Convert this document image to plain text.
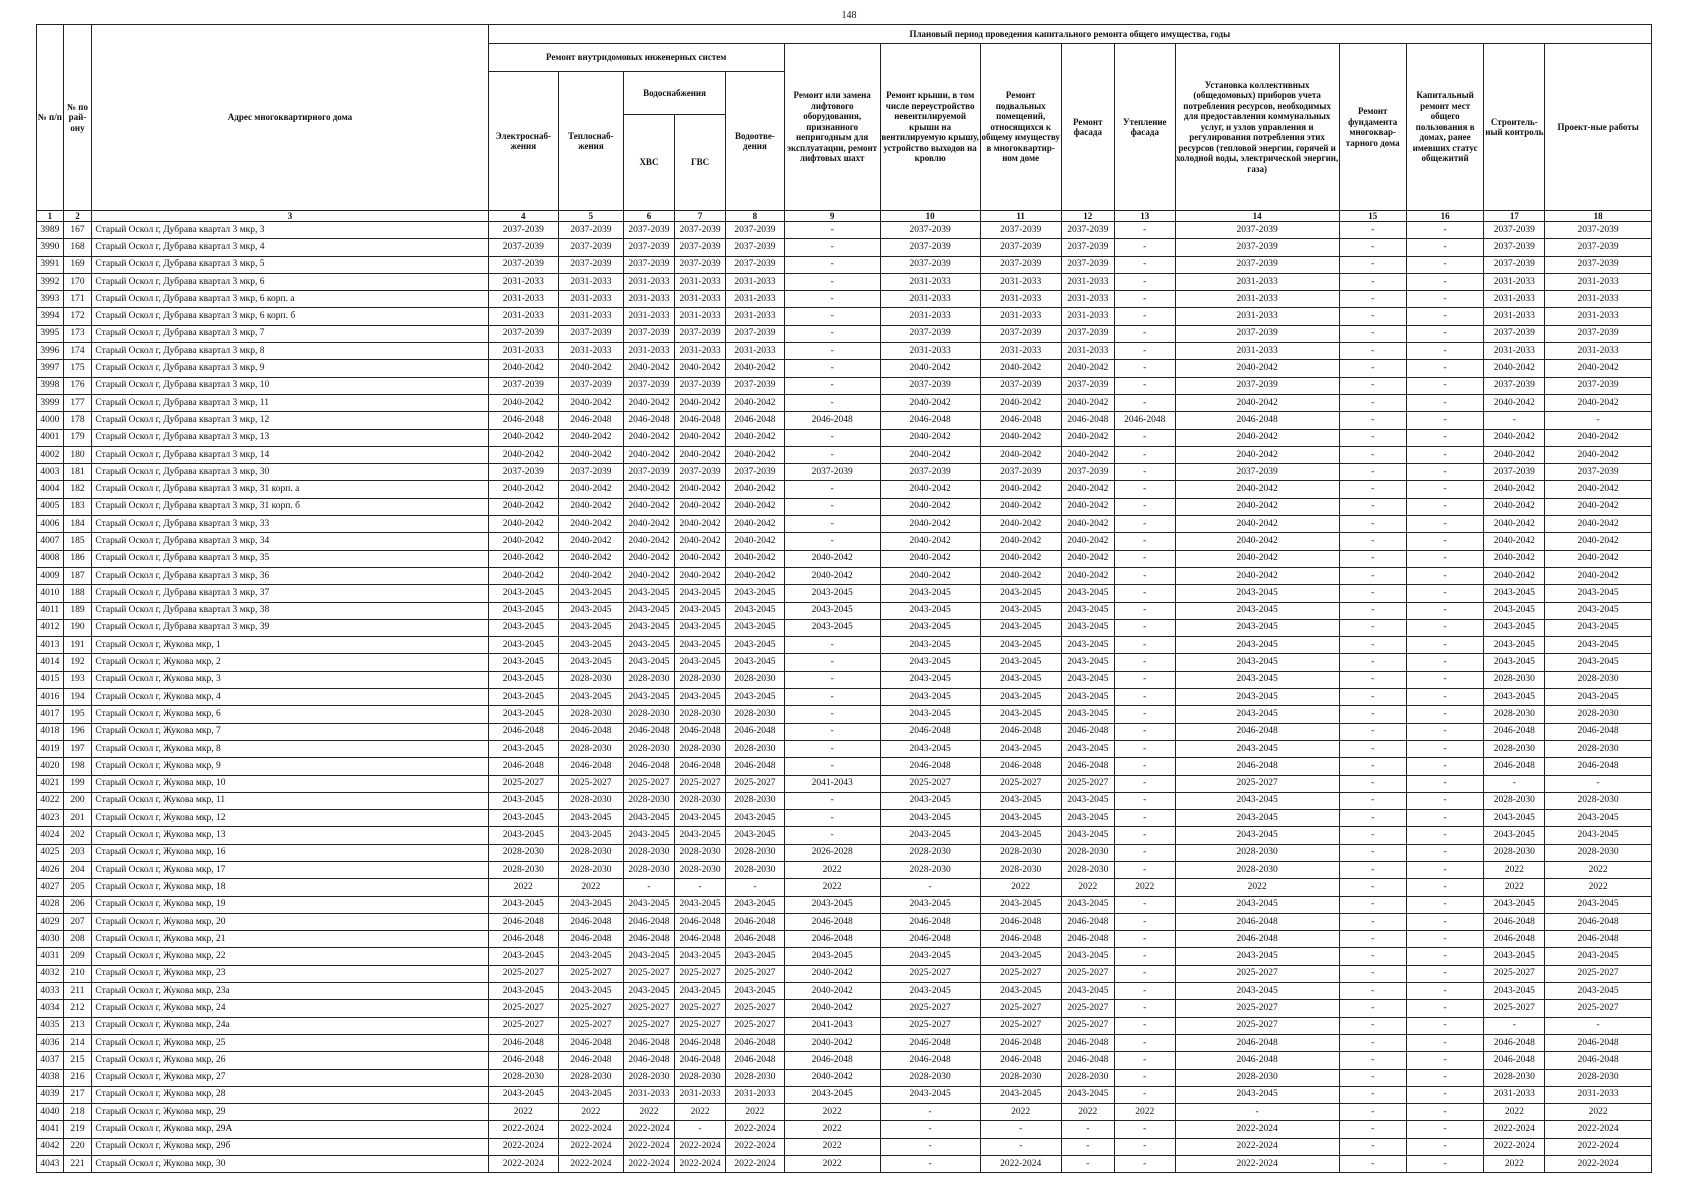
148
№ п/п	№ по рай-ону	Адрес многоквартирного дома	Плановый период проведения капитального ремонта общего имущества, годы														
			Ремонт внутридомовых инженерных систем					Ремонт или замена лифтового оборудования, признанного непригодным для эксплуатации, ремонт лифтовых шахт	Ремонт крыши, в том числе переустройство невентилируемой крыши на вентилируемую крышу, устройство выходов на кровлю	Ремонт подвальных помещений, относящихся к общему имуществу в многоквартир-ном доме	Ремонт фасада	Утепление фасада	Установка коллективных (общедомовых) приборов учета потребления ресурсов, необходимых для предоставления коммунальных услуг, и узлов управления и регулирования потребления этих ресурсов (тепловой энергии, горячей и холодной воды, электрической энергии, газа)	Ремонт фундамента многоквар-тарного дома	Капитальный ремонт мест общего пользования в домах, ранее имевших статус общежитий	Строитель-ный контроль	Проект-ные работы
			Электроснаб-жения	Теплоснаб-жения	Водоснабжения		Водоотве-дения										
					ХВС	ГВС											
1	2	3	4	5	6	7	8	9	10	11	12	13	14	15	16	17	18
3989	167	Старый Оскол г, Дубрава квартал 3 мкр, 3	2037-2039	2037-2039	2037-2039	2037-2039	2037-2039	-	2037-2039	2037-2039	2037-2039	-	2037-2039	-	-	2037-2039	2037-2039
3990	168	Старый Оскол г, Дубрава квартал 3 мкр, 4	2037-2039	2037-2039	2037-2039	2037-2039	2037-2039	-	2037-2039	2037-2039	2037-2039	-	2037-2039	-	-	2037-2039	2037-2039
3991	169	Старый Оскол г, Дубрава квартал 3 мкр, 5	2037-2039	2037-2039	2037-2039	2037-2039	2037-2039	-	2037-2039	2037-2039	2037-2039	-	2037-2039	-	-	2037-2039	2037-2039
3992	170	Старый Оскол г, Дубрава квартал 3 мкр, 6	2031-2033	2031-2033	2031-2033	2031-2033	2031-2033	-	2031-2033	2031-2033	2031-2033	-	2031-2033	-	-	2031-2033	2031-2033
3993	171	Старый Оскол г, Дубрава квартал 3 мкр, 6 корп. а	2031-2033	2031-2033	2031-2033	2031-2033	2031-2033	-	2031-2033	2031-2033	2031-2033	-	2031-2033	-	-	2031-2033	2031-2033
3994	172	Старый Оскол г, Дубрава квартал 3 мкр, 6 корп. б	2031-2033	2031-2033	2031-2033	2031-2033	2031-2033	-	2031-2033	2031-2033	2031-2033	-	2031-2033	-	-	2031-2033	2031-2033
3995	173	Старый Оскол г, Дубрава квартал 3 мкр, 7	2037-2039	2037-2039	2037-2039	2037-2039	2037-2039	-	2037-2039	2037-2039	2037-2039	-	2037-2039	-	-	2037-2039	2037-2039
3996	174	Старый Оскол г, Дубрава квартал 3 мкр, 8	2031-2033	2031-2033	2031-2033	2031-2033	2031-2033	-	2031-2033	2031-2033	2031-2033	-	2031-2033	-	-	2031-2033	2031-2033
3997	175	Старый Оскол г, Дубрава квартал 3 мкр, 9	2040-2042	2040-2042	2040-2042	2040-2042	2040-2042	-	2040-2042	2040-2042	2040-2042	-	2040-2042	-	-	2040-2042	2040-2042
3998	176	Старый Оскол г, Дубрава квартал 3 мкр, 10	2037-2039	2037-2039	2037-2039	2037-2039	2037-2039	-	2037-2039	2037-2039	2037-2039	-	2037-2039	-	-	2037-2039	2037-2039
3999	177	Старый Оскол г, Дубрава квартал 3 мкр, 11	2040-2042	2040-2042	2040-2042	2040-2042	2040-2042	-	2040-2042	2040-2042	2040-2042	-	2040-2042	-	-	2040-2042	2040-2042
4000	178	Старый Оскол г, Дубрава квартал 3 мкр, 12	2046-2048	2046-2048	2046-2048	2046-2048	2046-2048	2046-2048	2046-2048	2046-2048	2046-2048	2046-2048	2046-2048	-	-	-	-
4001	179	Старый Оскол г, Дубрава квартал 3 мкр, 13	2040-2042	2040-2042	2040-2042	2040-2042	2040-2042	-	2040-2042	2040-2042	2040-2042	-	2040-2042	-	-	2040-2042	2040-2042
4002	180	Старый Оскол г, Дубрава квартал 3 мкр, 14	2040-2042	2040-2042	2040-2042	2040-2042	2040-2042	-	2040-2042	2040-2042	2040-2042	-	2040-2042	-	-	2040-2042	2040-2042
4003	181	Старый Оскол г, Дубрава квартал 3 мкр, 30	2037-2039	2037-2039	2037-2039	2037-2039	2037-2039	2037-2039	2037-2039	2037-2039	2037-2039	-	2037-2039	-	-	2037-2039	2037-2039
4004	182	Старый Оскол г, Дубрава квартал 3 мкр, 31 корп. а	2040-2042	2040-2042	2040-2042	2040-2042	2040-2042	-	2040-2042	2040-2042	2040-2042	-	2040-2042	-	-	2040-2042	2040-2042
4005	183	Старый Оскол г, Дубрава квартал 3 мкр, 31 корп. б	2040-2042	2040-2042	2040-2042	2040-2042	2040-2042	-	2040-2042	2040-2042	2040-2042	-	2040-2042	-	-	2040-2042	2040-2042
4006	184	Старый Оскол г, Дубрава квартал 3 мкр, 33	2040-2042	2040-2042	2040-2042	2040-2042	2040-2042	-	2040-2042	2040-2042	2040-2042	-	2040-2042	-	-	2040-2042	2040-2042
4007	185	Старый Оскол г, Дубрава квартал 3 мкр, 34	2040-2042	2040-2042	2040-2042	2040-2042	2040-2042	-	2040-2042	2040-2042	2040-2042	-	2040-2042	-	-	2040-2042	2040-2042
4008	186	Старый Оскол г, Дубрава квартал 3 мкр, 35	2040-2042	2040-2042	2040-2042	2040-2042	2040-2042	2040-2042	2040-2042	2040-2042	2040-2042	-	2040-2042	-	-	2040-2042	2040-2042
4009	187	Старый Оскол г, Дубрава квартал 3 мкр, 36	2040-2042	2040-2042	2040-2042	2040-2042	2040-2042	2040-2042	2040-2042	2040-2042	2040-2042	-	2040-2042	-	-	2040-2042	2040-2042
4010	188	Старый Оскол г, Дубрава квартал 3 мкр, 37	2043-2045	2043-2045	2043-2045	2043-2045	2043-2045	2043-2045	2043-2045	2043-2045	2043-2045	-	2043-2045	-	-	2043-2045	2043-2045
4011	189	Старый Оскол г, Дубрава квартал 3 мкр, 38	2043-2045	2043-2045	2043-2045	2043-2045	2043-2045	2043-2045	2043-2045	2043-2045	2043-2045	-	2043-2045	-	-	2043-2045	2043-2045
4012	190	Старый Оскол г, Дубрава квартал 3 мкр, 39	2043-2045	2043-2045	2043-2045	2043-2045	2043-2045	2043-2045	2043-2045	2043-2045	2043-2045	-	2043-2045	-	-	2043-2045	2043-2045
4013	191	Старый Оскол г, Жукова мкр, 1	2043-2045	2043-2045	2043-2045	2043-2045	2043-2045	-	2043-2045	2043-2045	2043-2045	-	2043-2045	-	-	2043-2045	2043-2045
4014	192	Старый Оскол г, Жукова мкр, 2	2043-2045	2043-2045	2043-2045	2043-2045	2043-2045	-	2043-2045	2043-2045	2043-2045	-	2043-2045	-	-	2043-2045	2043-2045
4015	193	Старый Оскол г, Жукова мкр, 3	2043-2045	2028-2030	2028-2030	2028-2030	2028-2030	-	2043-2045	2043-2045	2043-2045	-	2043-2045	-	-	2028-2030	2028-2030
4016	194	Старый Оскол г, Жукова мкр, 4	2043-2045	2043-2045	2043-2045	2043-2045	2043-2045	-	2043-2045	2043-2045	2043-2045	-	2043-2045	-	-	2043-2045	2043-2045
4017	195	Старый Оскол г, Жукова мкр, 6	2043-2045	2028-2030	2028-2030	2028-2030	2028-2030	-	2043-2045	2043-2045	2043-2045	-	2043-2045	-	-	2028-2030	2028-2030
4018	196	Старый Оскол г, Жукова мкр, 7	2046-2048	2046-2048	2046-2048	2046-2048	2046-2048	-	2046-2048	2046-2048	2046-2048	-	2046-2048	-	-	2046-2048	2046-2048
4019	197	Старый Оскол г, Жукова мкр, 8	2043-2045	2028-2030	2028-2030	2028-2030	2028-2030	-	2043-2045	2043-2045	2043-2045	-	2043-2045	-	-	2028-2030	2028-2030
4020	198	Старый Оскол г, Жукова мкр, 9	2046-2048	2046-2048	2046-2048	2046-2048	2046-2048	-	2046-2048	2046-2048	2046-2048	-	2046-2048	-	-	2046-2048	2046-2048
4021	199	Старый Оскол г, Жукова мкр, 10	2025-2027	2025-2027	2025-2027	2025-2027	2025-2027	2041-2043	2025-2027	2025-2027	2025-2027	-	2025-2027	-	-	-	-
4022	200	Старый Оскол г, Жукова мкр, 11	2043-2045	2028-2030	2028-2030	2028-2030	2028-2030	-	2043-2045	2043-2045	2043-2045	-	2043-2045	-	-	2028-2030	2028-2030
4023	201	Старый Оскол г, Жукова мкр, 12	2043-2045	2043-2045	2043-2045	2043-2045	2043-2045	-	2043-2045	2043-2045	2043-2045	-	2043-2045	-	-	2043-2045	2043-2045
4024	202	Старый Оскол г, Жукова мкр, 13	2043-2045	2043-2045	2043-2045	2043-2045	2043-2045	-	2043-2045	2043-2045	2043-2045	-	2043-2045	-	-	2043-2045	2043-2045
4025	203	Старый Оскол г, Жукова мкр, 16	2028-2030	2028-2030	2028-2030	2028-2030	2028-2030	2026-2028	2028-2030	2028-2030	2028-2030	-	2028-2030	-	-	2028-2030	2028-2030
4026	204	Старый Оскол г, Жукова мкр, 17	2028-2030	2028-2030	2028-2030	2028-2030	2028-2030	2022	2028-2030	2028-2030	2028-2030	-	2028-2030	-	-	2022	2022
4027	205	Старый Оскол г, Жукова мкр, 18	2022	2022	-	-	-	2022	-	2022	2022	2022	2022	-	-	2022	2022
4028	206	Старый Оскол г, Жукова мкр, 19	2043-2045	2043-2045	2043-2045	2043-2045	2043-2045	2043-2045	2043-2045	2043-2045	2043-2045	-	2043-2045	-	-	2043-2045	2043-2045
4029	207	Старый Оскол г, Жукова мкр, 20	2046-2048	2046-2048	2046-2048	2046-2048	2046-2048	2046-2048	2046-2048	2046-2048	2046-2048	-	2046-2048	-	-	2046-2048	2046-2048
4030	208	Старый Оскол г, Жукова мкр, 21	2046-2048	2046-2048	2046-2048	2046-2048	2046-2048	2046-2048	2046-2048	2046-2048	2046-2048	-	2046-2048	-	-	2046-2048	2046-2048
4031	209	Старый Оскол г, Жукова мкр, 22	2043-2045	2043-2045	2043-2045	2043-2045	2043-2045	2043-2045	2043-2045	2043-2045	2043-2045	-	2043-2045	-	-	2043-2045	2043-2045
4032	210	Старый Оскол г, Жукова мкр, 23	2025-2027	2025-2027	2025-2027	2025-2027	2025-2027	2040-2042	2025-2027	2025-2027	2025-2027	-	2025-2027	-	-	2025-2027	2025-2027
4033	211	Старый Оскол г, Жукова мкр, 23а	2043-2045	2043-2045	2043-2045	2043-2045	2043-2045	2040-2042	2043-2045	2043-2045	2043-2045	-	2043-2045	-	-	2043-2045	2043-2045
4034	212	Старый Оскол г, Жукова мкр, 24	2025-2027	2025-2027	2025-2027	2025-2027	2025-2027	2040-2042	2025-2027	2025-2027	2025-2027	-	2025-2027	-	-	2025-2027	2025-2027
4035	213	Старый Оскол г, Жукова мкр, 24а	2025-2027	2025-2027	2025-2027	2025-2027	2025-2027	2041-2043	2025-2027	2025-2027	2025-2027	-	2025-2027	-	-	-	-
4036	214	Старый Оскол г, Жукова мкр, 25	2046-2048	2046-2048	2046-2048	2046-2048	2046-2048	2040-2042	2046-2048	2046-2048	2046-2048	-	2046-2048	-	-	2046-2048	2046-2048
4037	215	Старый Оскол г, Жукова мкр, 26	2046-2048	2046-2048	2046-2048	2046-2048	2046-2048	2046-2048	2046-2048	2046-2048	2046-2048	-	2046-2048	-	-	2046-2048	2046-2048
4038	216	Старый Оскол г, Жукова мкр, 27	2028-2030	2028-2030	2028-2030	2028-2030	2028-2030	2040-2042	2028-2030	2028-2030	2028-2030	-	2028-2030	-	-	2028-2030	2028-2030
4039	217	Старый Оскол г, Жукова мкр, 28	2043-2045	2043-2045	2031-2033	2031-2033	2031-2033	2043-2045	2043-2045	2043-2045	2043-2045	-	2043-2045	-	-	2031-2033	2031-2033
4040	218	Старый Оскол г, Жукова мкр, 29	2022	2022	2022	2022	2022	2022	-	2022	2022	2022	-	-	-	2022	2022
4041	219	Старый Оскол г, Жукова мкр, 29А	2022-2024	2022-2024	2022-2024	-	2022-2024	2022	-	-	-	-	2022-2024	-	-	2022-2024	2022-2024
4042	220	Старый Оскол г, Жукова мкр, 29б	2022-2024	2022-2024	2022-2024	2022-2024	2022-2024	2022	-	-	-	-	2022-2024	-	-	2022-2024	2022-2024
4043	221	Старый Оскол г, Жукова мкр, 30	2022-2024	2022-2024	2022-2024	2022-2024	2022-2024	2022	-	2022-2024	-	-	2022-2024	-	-	2022	2022-2024
